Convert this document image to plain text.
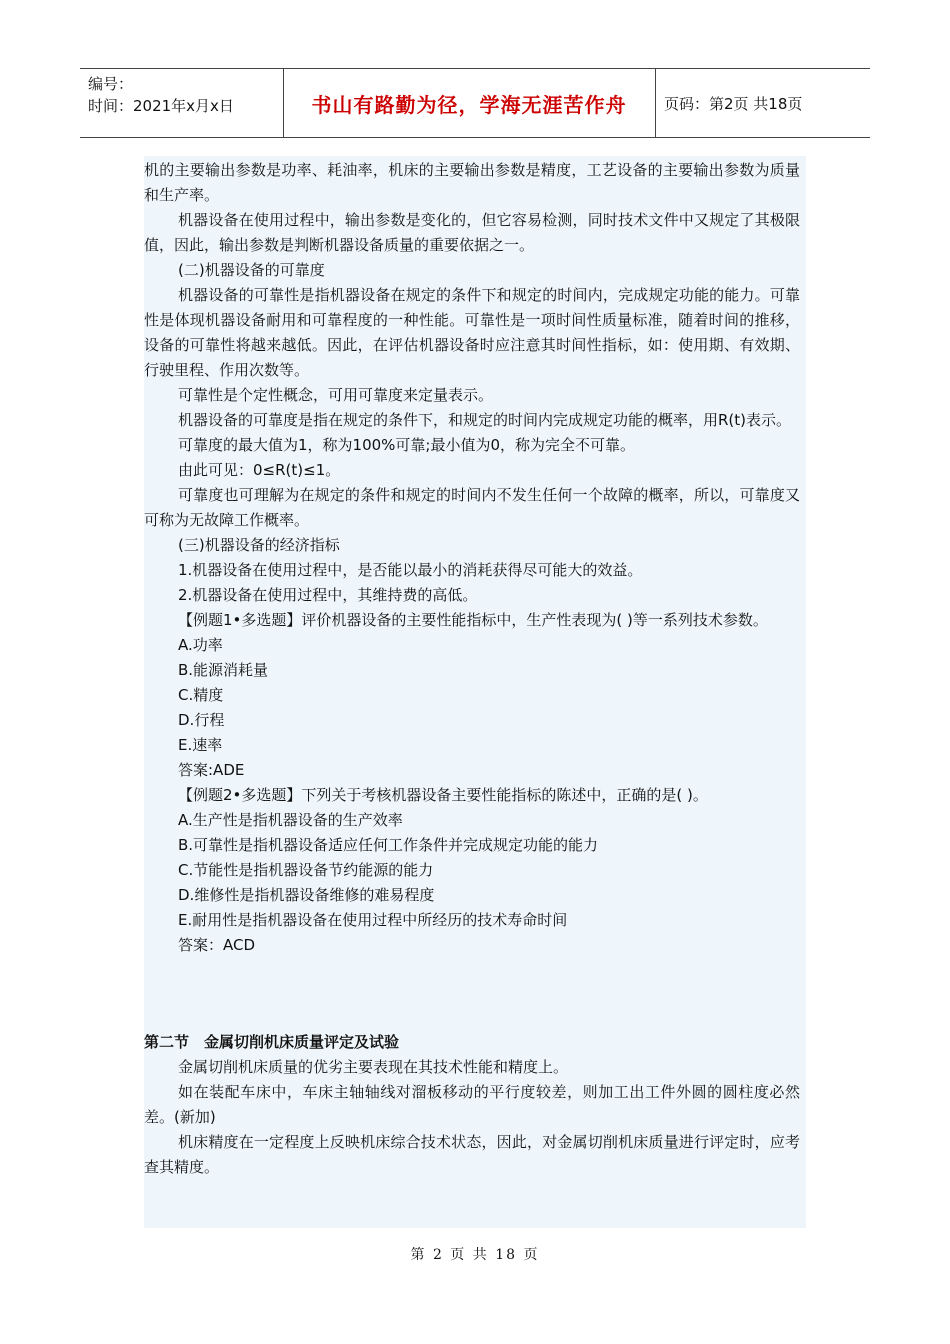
编号：
时间：2021年x月x日	书山有路勤为径，学海无涯苦作舟	页码：第2页 共18页

机的主要输出参数是功率、耗油率，机床的主要输出参数是精度，工艺设备的主要输出参数为质量和生产率。

机器设备在使用过程中，输出参数是变化的，但它容易检测，同时技术文件中又规定了其极限值，因此，输出参数是判断机器设备质量的重要依据之一。

(二)机器设备的可靠度

机器设备的可靠性是指机器设备在规定的条件下和规定的时间内，完成规定功能的能力。可靠性是体现机器设备耐用和可靠程度的一种性能。可靠性是一项时间性质量标准，随着时间的推移，设备的可靠性将越来越低。因此，在评估机器设备时应注意其时间性指标，如：使用期、有效期、行驶里程、作用次数等。

可靠性是个定性概念，可用可靠度来定量表示。

机器设备的可靠度是指在规定的条件下，和规定的时间内完成规定功能的概率，用R(t)表示。

可靠度的最大值为1，称为100%可靠;最小值为0，称为完全不可靠。

由此可见：0≤R(t)≤1。

可靠度也可理解为在规定的条件和规定的时间内不发生任何一个故障的概率，所以，可靠度又可称为无故障工作概率。

(三)机器设备的经济指标

1.机器设备在使用过程中，是否能以最小的消耗获得尽可能大的效益。

2.机器设备在使用过程中，其维持费的高低。

【例题1•多选题】评价机器设备的主要性能指标中，生产性表现为( )等一系列技术参数。

A.功率

B.能源消耗量

C.精度

D.行程

E.速率

答案:ADE

【例题2•多选题】下列关于考核机器设备主要性能指标的陈述中，正确的是( )。

A.生产性是指机器设备的生产效率

B.可靠性是指机器设备适应任何工作条件并完成规定功能的能力

C.节能性是指机器设备节约能源的能力

D.维修性是指机器设备维修的难易程度

E.耐用性是指机器设备在使用过程中所经历的技术寿命时间

答案：ACD

第二节　金属切削机床质量评定及试验

金属切削机床质量的优劣主要表现在其技术性能和精度上。

如在装配车床中，车床主轴轴线对溜板移动的平行度较差，则加工出工件外圆的圆柱度必然差。(新加)

机床精度在一定程度上反映机床综合技术状态，因此，对金属切削机床质量进行评定时，应考查其精度。

第 2 页 共 18 页
